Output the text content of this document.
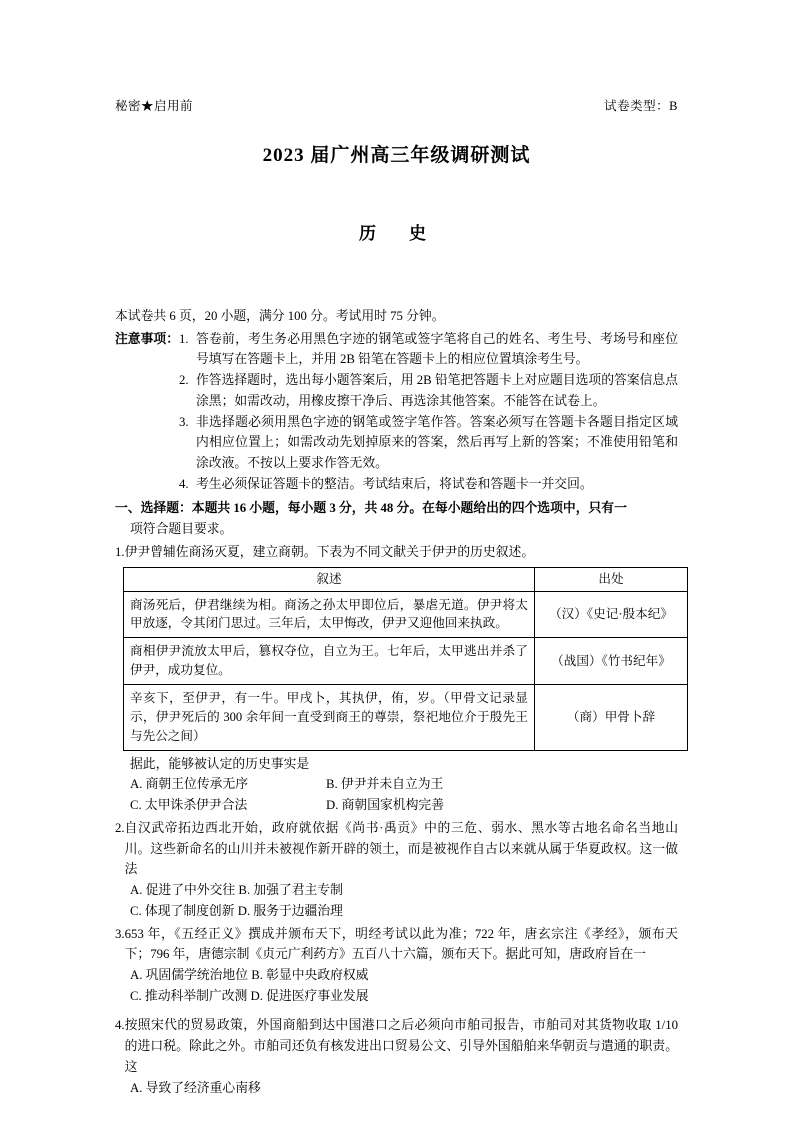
秘密★启用前	试卷类型：B
2023 届广州高三年级调研测试
历　史
本试卷共 6 页，20 小题，满分 100 分。考试用时 75 分钟。
注意事项： 1. 答卷前，考生务必用黑色字迹的钢笔或签字笔将自己的姓名、考生号、考场号和座位号填写在答题卡上，并用 2B 铅笔在答题卡上的相应位置填涂考生号。
2. 作答选择题时，选出每小题答案后，用 2B 铅笔把答题卡上对应题目选项的答案信息点涂黑；如需改动，用橡皮擦干净后、再选涂其他答案。不能答在试卷上。
3. 非选择题必须用黑色字迹的钢笔或签字笔作答。答案必须写在答题卡各题目指定区域内相应位置上；如需改动先划掉原来的答案，然后再写上新的答案；不准使用铅笔和涂改液。不按以上要求作答无效。
4. 考生必须保证答题卡的整洁。考试结束后，将试卷和答题卡一并交回。
一、选择题：本题共 16 小题，每小题 3 分，共 48 分。在每小题给出的四个选项中，只有一
项符合题目要求。
1. 伊尹曾辅佐商汤灭夏，建立商朝。下表为不同文献关于伊尹的历史叙述。
叙述	出处
商汤死后，伊君继续为相。商汤之孙太甲即位后，暴虐无道。伊尹将太甲放逐，令其闭门思过。三年后，太甲悔改，伊尹又迎他回来执政。	（汉）《史记·殷本纪》
商相伊尹流放太甲后，篡权夺位，自立为王。七年后，太甲逃出并杀了伊尹，成功复位。	（战国）《竹书纪年》
辛亥下，至伊尹，有一牛。甲戌卜，其执伊，侑，岁。（甲骨文记录显示，伊尹死后的 300 余年间一直受到商王的尊崇，祭祀地位介于殷先王与先公之间）	（商）甲骨卜辞

据此，能够被认定的历史事实是
A. 商朝王位传承无序
C. 太甲诛杀伊尹合法
B. 伊尹并未自立为王
D. 商朝国家机构完善
2. 自汉武帝拓边西北开始，政府就依据《尚书·禹贡》中的三危、弱水、黑水等古地名命名当地山川。这些新命名的山川并未被视作新开辟的领土，而是被视作自古以来就从属于华夏政权。这一做法
A. 促进了中外交往 B. 加强了君主专制
C. 体现了制度创新 D. 服务于边疆治理
3. 653 年，《五经正义》撰成并颁布天下，明经考试以此为准；722 年，唐玄宗注《孝经》，颁布天下；796 年，唐德宗制《贞元广利药方》五百八十六篇，颁布天下。据此可知，唐政府旨在一
A. 巩固儒学统治地位 B. 彰显中央政府权威
C. 推动科举制广改测 D. 促进医疗事业发展
4. 按照宋代的贸易政策，外国商船到达中国港口之后必须向市舶司报告，市舶司对其货物收取 1/10 的进口税。除此之外。市舶司还负有核发进出口贸易公文、引导外国船舶来华朝贡与遣通的职责。这
A. 导致了经济重心南移
